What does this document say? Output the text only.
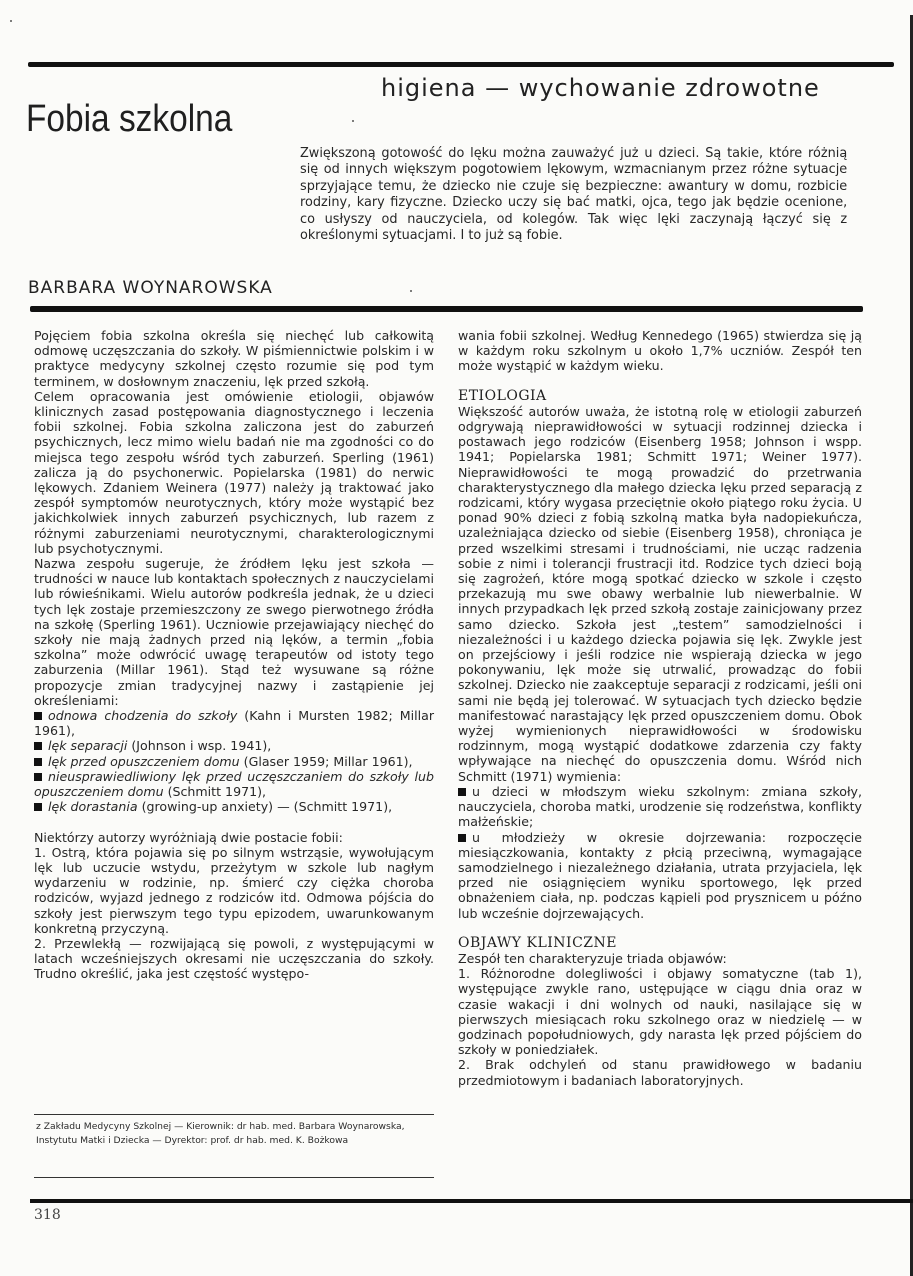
higiena — wychowanie zdrowotne
Fobia szkolna
Zwiększoną gotowość do lęku można zauważyć już u dzieci. Są takie, które różnią się od innych większym pogotowiem lękowym, wzmacnianym przez różne sytuacje sprzyjające temu, że dziecko nie czuje się bezpieczne: awantury w domu, rozbicie rodziny, kary fizyczne. Dziecko uczy się bać matki, ojca, tego jak będzie ocenione, co usłyszy od nauczyciela, od kolegów. Tak więc lęki zaczynają łączyć się z określonymi sytuacjami. I to już są fobie.
BARBARA WOYNAROWSKA

Pojęciem fobia szkolna określa się niechęć lub całkowitą odmowę uczęszczania do szkoły. W piśmiennictwie polskim i w praktyce medycyny szkolnej często rozumie się pod tym terminem, w dosłownym znaczeniu, lęk przed szkołą.

Celem opracowania jest omówienie etiologii, objawów klinicznych zasad postępowania diagnostycznego i leczenia fobii szkolnej. Fobia szkolna zaliczona jest do zaburzeń psychicznych, lecz mimo wielu badań nie ma zgodności co do miejsca tego zespołu wśród tych zaburzeń. Sperling (1961) zalicza ją do psychonerwic. Popielarska (1981) do nerwic lękowych. Zdaniem Weinera (1977) należy ją traktować jako zespół symptomów neurotycznych, który może wystąpić bez jakichkolwiek innych zaburzeń psychicznych, lub razem z różnymi zaburzeniami neurotycznymi, charakterologicznymi lub psychotycznymi.

Nazwa zespołu sugeruje, że źródłem lęku jest szkoła — trudności w nauce lub kontaktach społecznych z nauczycielami lub rówieśnikami. Wielu autorów podkreśla jednak, że u dzieci tych lęk zostaje przemieszczony ze swego pierwotnego źródła na szkołę (Sperling 1961). Uczniowie przejawiający niechęć do szkoły nie mają żadnych przed nią lęków, a termin „fobia szkolna” może odwrócić uwagę terapeutów od istoty tego zaburzenia (Millar 1961). Stąd też wysuwane są różne propozycje zmian tradycyjnej nazwy i zastąpienie jej określeniami:

odnowa chodzenia do szkoły (Kahn i Mursten 1982; Millar 1961),

lęk separacji (Johnson i wsp. 1941),

lęk przed opuszczeniem domu (Glaser 1959; Millar 1961),

nieusprawiedliwiony lęk przed uczęszczaniem do szkoły lub opuszczeniem domu (Schmitt 1971),

lęk dorastania (growing-up anxiety) — (Schmitt 1971),

Niektórzy autorzy wyróżniają dwie postacie fobii:

1. Ostrą, która pojawia się po silnym wstrząsie, wywołującym lęk lub uczucie wstydu, przeżytym w szkole lub nagłym wydarzeniu w rodzinie, np. śmierć czy ciężka choroba rodziców, wyjazd jednego z rodziców itd. Odmowa pójścia do szkoły jest pierwszym tego typu epizodem, uwarunkowanym konkretną przyczyną.

2. Przewlekłą — rozwijającą się powoli, z występującymi w latach wcześniejszych okresami nie uczęszczania do szkoły. Trudno określić, jaka jest częstość występo-

z Zakładu Medycyny Szkolnej — Kierownik: dr hab. med. Barbara Woynarowska, Instytutu Matki i Dziecka — Dyrektor: prof. dr hab. med. K. Bożkowa

wania fobii szkolnej. Według Kennedego (1965) stwierdza się ją w każdym roku szkolnym u około 1,7% uczniów. Zespół ten może wystąpić w każdym wieku.

ETIOLOGIA

Większość autorów uważa, że istotną rolę w etiologii zaburzeń odgrywają nieprawidłowości w sytuacji rodzinnej dziecka i postawach jego rodziców (Eisenberg 1958; Johnson i wspp. 1941; Popielarska 1981; Schmitt 1971; Weiner 1977). Nieprawidłowości te mogą prowadzić do przetrwania charakterystycznego dla małego dziecka lęku przed separacją z rodzicami, który wygasa przeciętnie około piątego roku życia. U ponad 90% dzieci z fobią szkolną matka była nadopiekuńcza, uzależniająca dziecko od siebie (Eisenberg 1958), chroniąca je przed wszelkimi stresami i trudnościami, nie ucząc radzenia sobie z nimi i tolerancji frustracji itd. Rodzice tych dzieci boją się zagrożeń, które mogą spotkać dziecko w szkole i często przekazują mu swe obawy werbalnie lub niewerbalnie. W innych przypadkach lęk przed szkołą zostaje zainicjowany przez samo dziecko. Szkoła jest „testem” samodzielności i niezależności i u każdego dziecka pojawia się lęk. Zwykle jest on przejściowy i jeśli rodzice nie wspierają dziecka w jego pokonywaniu, lęk może się utrwalić, prowadząc do fobii szkolnej. Dziecko nie zaakceptuje separacji z rodzicami, jeśli oni sami nie będą jej tolerować. W sytuacjach tych dziecko będzie manifestować narastający lęk przed opuszczeniem domu. Obok wyżej wymienionych nieprawidłowości w środowisku rodzinnym, mogą wystąpić dodatkowe zdarzenia czy fakty wpływające na niechęć do opuszczenia domu. Wśród nich Schmitt (1971) wymienia:

u dzieci w młodszym wieku szkolnym: zmiana szkoły, nauczyciela, choroba matki, urodzenie się rodzeństwa, konflikty małżeńskie;

u młodzieży w okresie dojrzewania: rozpoczęcie miesiączkowania, kontakty z płcią przeciwną, wymagające samodzielnego i niezależnego działania, utrata przyjaciela, lęk przed nie osiągnięciem wyniku sportowego, lęk przed obnażeniem ciała, np. podczas kąpieli pod prysznicem u późno lub wcześnie dojrzewających.

OBJAWY KLINICZNE

Zespół ten charakteryzuje triada objawów:

1. Różnorodne dolegliwości i objawy somatyczne (tab 1), występujące zwykle rano, ustępujące w ciągu dnia oraz w czasie wakacji i dni wolnych od nauki, nasilające się w pierwszych miesiącach roku szkolnego oraz w niedzielę — w godzinach popołudniowych, gdy narasta lęk przed pójściem do szkoły w poniedziałek.

2. Brak odchyleń od stanu prawidłowego w badaniu przedmiotowym i badaniach laboratoryjnych.

318
